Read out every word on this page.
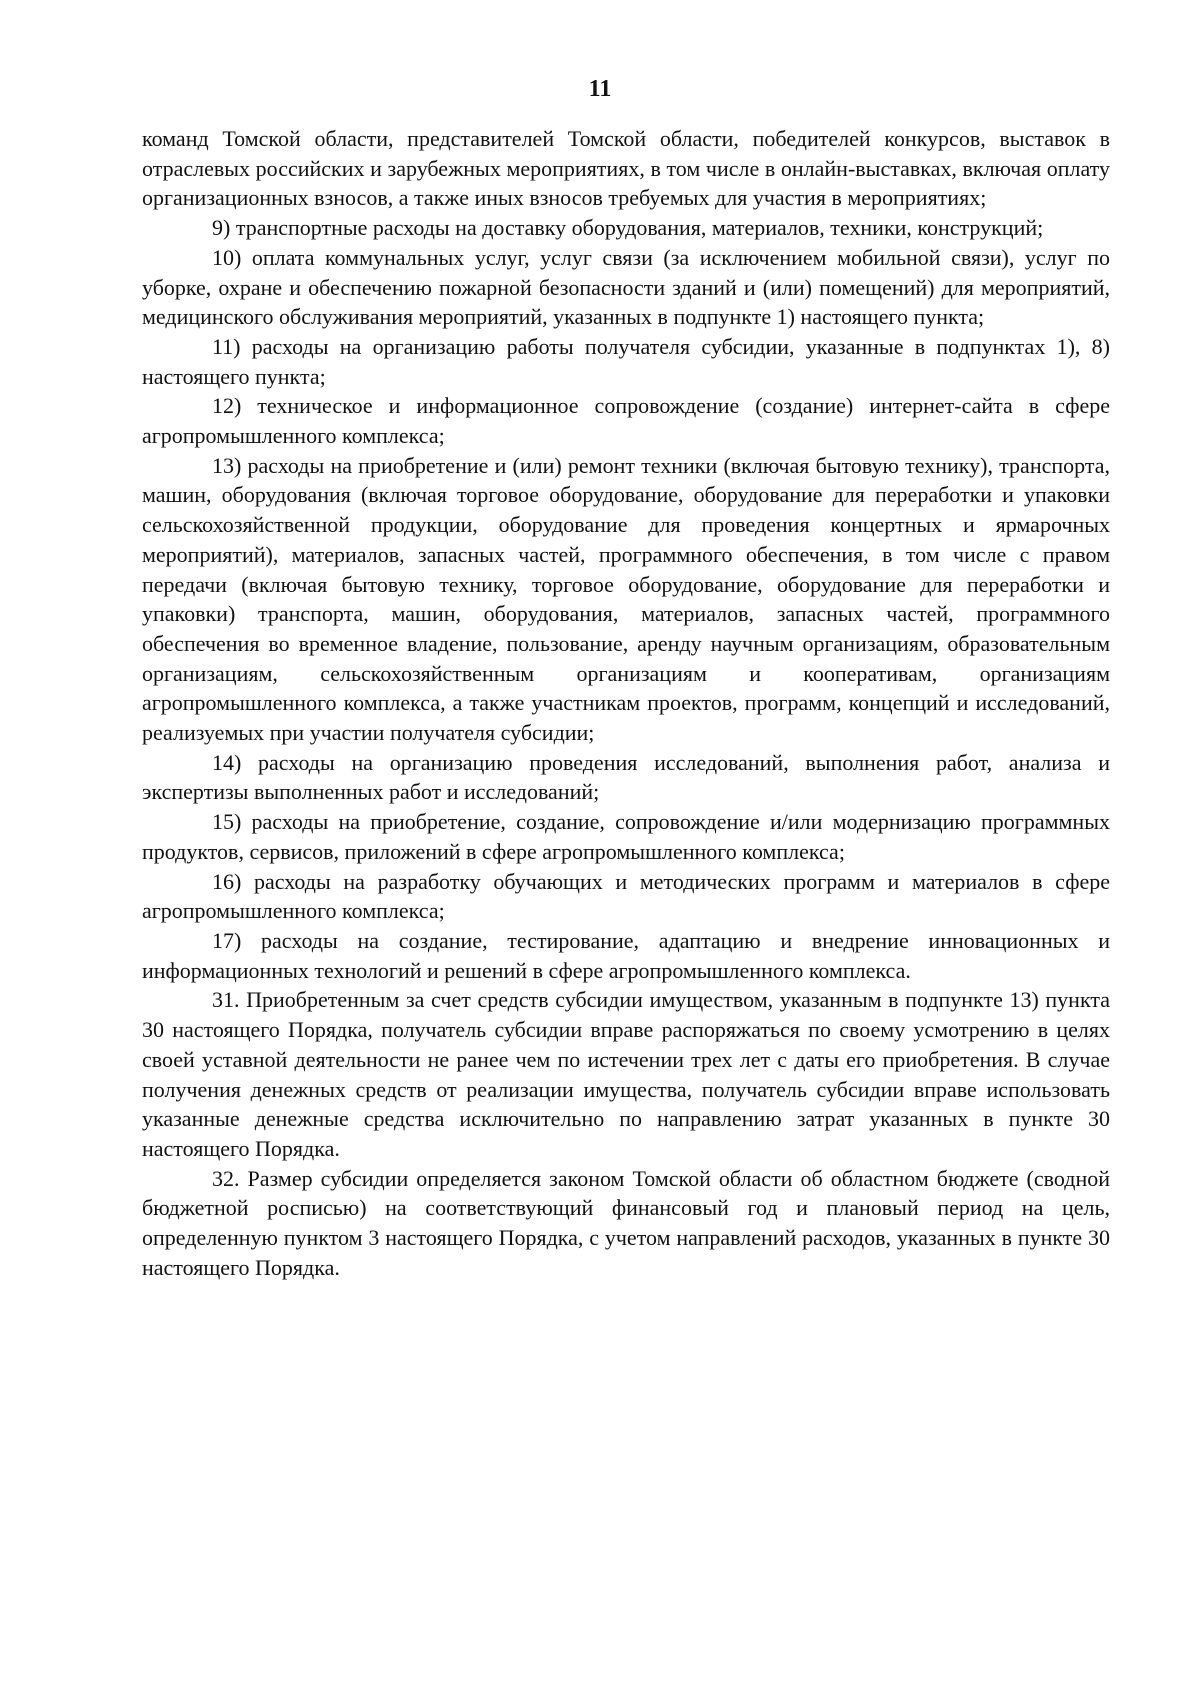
11

команд Томской области, представителей Томской области, победителей конкурсов, выставок в отраслевых российских и зарубежных мероприятиях, в том числе в онлайн-выставках, включая оплату организационных взносов, а также иных взносов требуемых для участия в мероприятиях;

9) транспортные расходы на доставку оборудования, материалов, техники, конструкций;

10) оплата коммунальных услуг, услуг связи (за исключением мобильной связи), услуг по уборке, охране и обеспечению пожарной безопасности зданий и (или) помещений) для мероприятий, медицинского обслуживания мероприятий, указанных в подпункте 1) настоящего пункта;

11) расходы на организацию работы получателя субсидии, указанные в подпунктах 1), 8) настоящего пункта;

12) техническое и информационное сопровождение (создание) интернет-сайта в сфере агропромышленного комплекса;

13) расходы на приобретение и (или) ремонт техники (включая бытовую технику), транспорта, машин, оборудования (включая торговое оборудование, оборудование для переработки и упаковки сельскохозяйственной продукции, оборудование для проведения концертных и ярмарочных мероприятий), материалов, запасных частей, программного обеспечения, в том числе с правом передачи (включая бытовую технику, торговое оборудование, оборудование для переработки и упаковки) транспорта, машин, оборудования, материалов, запасных частей, программного обеспечения во временное владение, пользование, аренду научным организациям, образовательным организациям, сельскохозяйственным организациям и кооперативам, организациям агропромышленного комплекса, а также участникам проектов, программ, концепций и исследований, реализуемых при участии получателя субсидии;

14) расходы на организацию проведения исследований, выполнения работ, анализа и экспертизы выполненных работ и исследований;

15) расходы на приобретение, создание, сопровождение и/или модернизацию программных продуктов, сервисов, приложений в сфере агропромышленного комплекса;

16) расходы на разработку обучающих и методических программ и материалов в сфере агропромышленного комплекса;

17) расходы на создание, тестирование, адаптацию и внедрение инновационных и информационных технологий и решений в сфере агропромышленного комплекса.

31. Приобретенным за счет средств субсидии имуществом, указанным в подпункте 13) пункта 30 настоящего Порядка, получатель субсидии вправе распоряжаться по своему усмотрению в целях своей уставной деятельности не ранее чем по истечении трех лет с даты его приобретения. В случае получения денежных средств от реализации имущества, получатель субсидии вправе использовать указанные денежные средства исключительно по направлению затрат указанных в пункте 30 настоящего Порядка.

32. Размер субсидии определяется законом Томской области об областном бюджете (сводной бюджетной росписью) на соответствующий финансовый год и плановый период на цель, определенную пунктом 3 настоящего Порядка, с учетом направлений расходов, указанных в пункте 30 настоящего Порядка.
